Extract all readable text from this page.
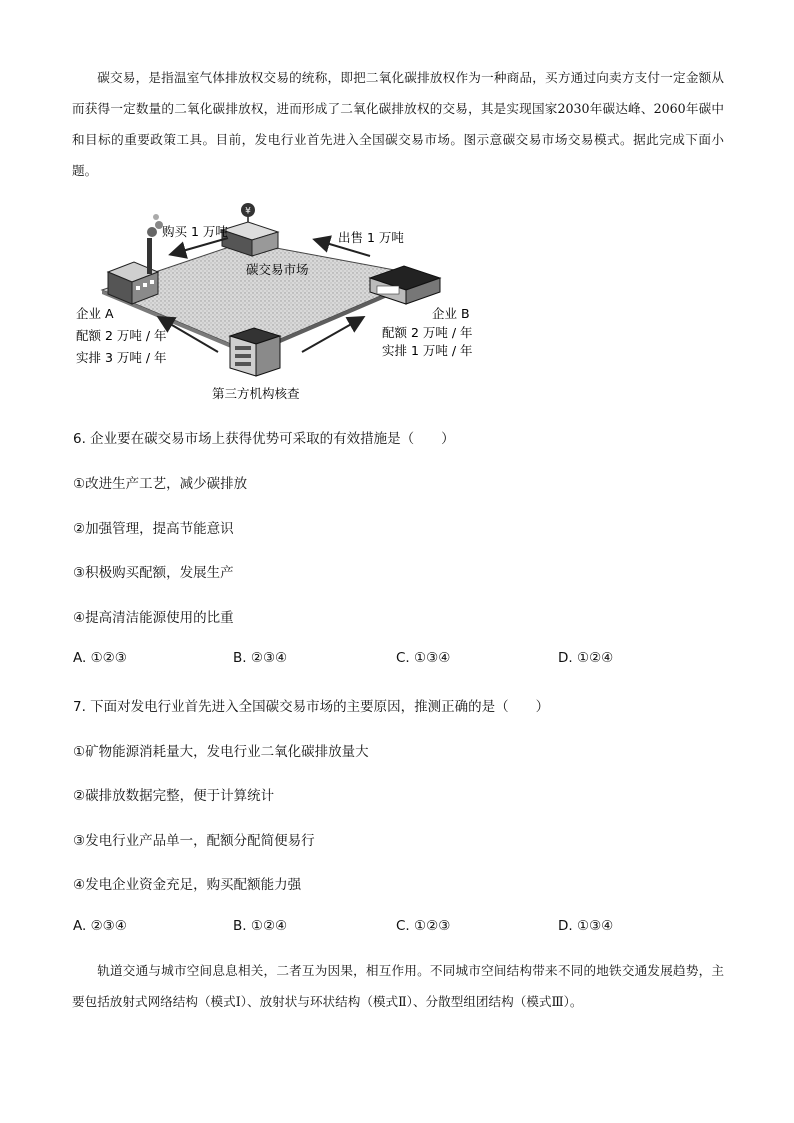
碳交易，是指温室气体排放权交易的统称，即把二氧化碳排放权作为一种商品，买方通过向卖方支付一定金额从而获得一定数量的二氧化碳排放权，进而形成了二氧化碳排放权的交易，其是实现国家2030年碳达峰、2060年碳中和目标的重要政策工具。目前，发电行业首先进入全国碳交易市场。图示意碳交易市场交易模式。据此完成下面小题。

¥
购买 1 万吨	出售 1 万吨
碳交易市场
企业 A
配额 2 万吨 / 年
实排 3 万吨 / 年
企业 B
配额 2 万吨 / 年
实排 1 万吨 / 年
第三方机构核查
6. 企业要在碳交易市场上获得优势可采取的有效措施是（　　）
①改进生产工艺，减少碳排放
②加强管理，提高节能意识
③积极购买配额，发展生产
④提高清洁能源使用的比重
A. ①②③	B. ②③④	C. ①③④	D. ①②④
7. 下面对发电行业首先进入全国碳交易市场的主要原因，推测正确的是（　　）
①矿物能源消耗量大，发电行业二氧化碳排放量大
②碳排放数据完整，便于计算统计
③发电行业产品单一，配额分配简便易行
④发电企业资金充足，购买配额能力强
A. ②③④	B. ①②④	C. ①②③	D. ①③④

轨道交通与城市空间息息相关，二者互为因果，相互作用。不同城市空间结构带来不同的地铁交通发展趋势，主要包括放射式网络结构（模式Ⅰ）、放射状与环状结构（模式Ⅱ）、分散型组团结构（模式Ⅲ）。
